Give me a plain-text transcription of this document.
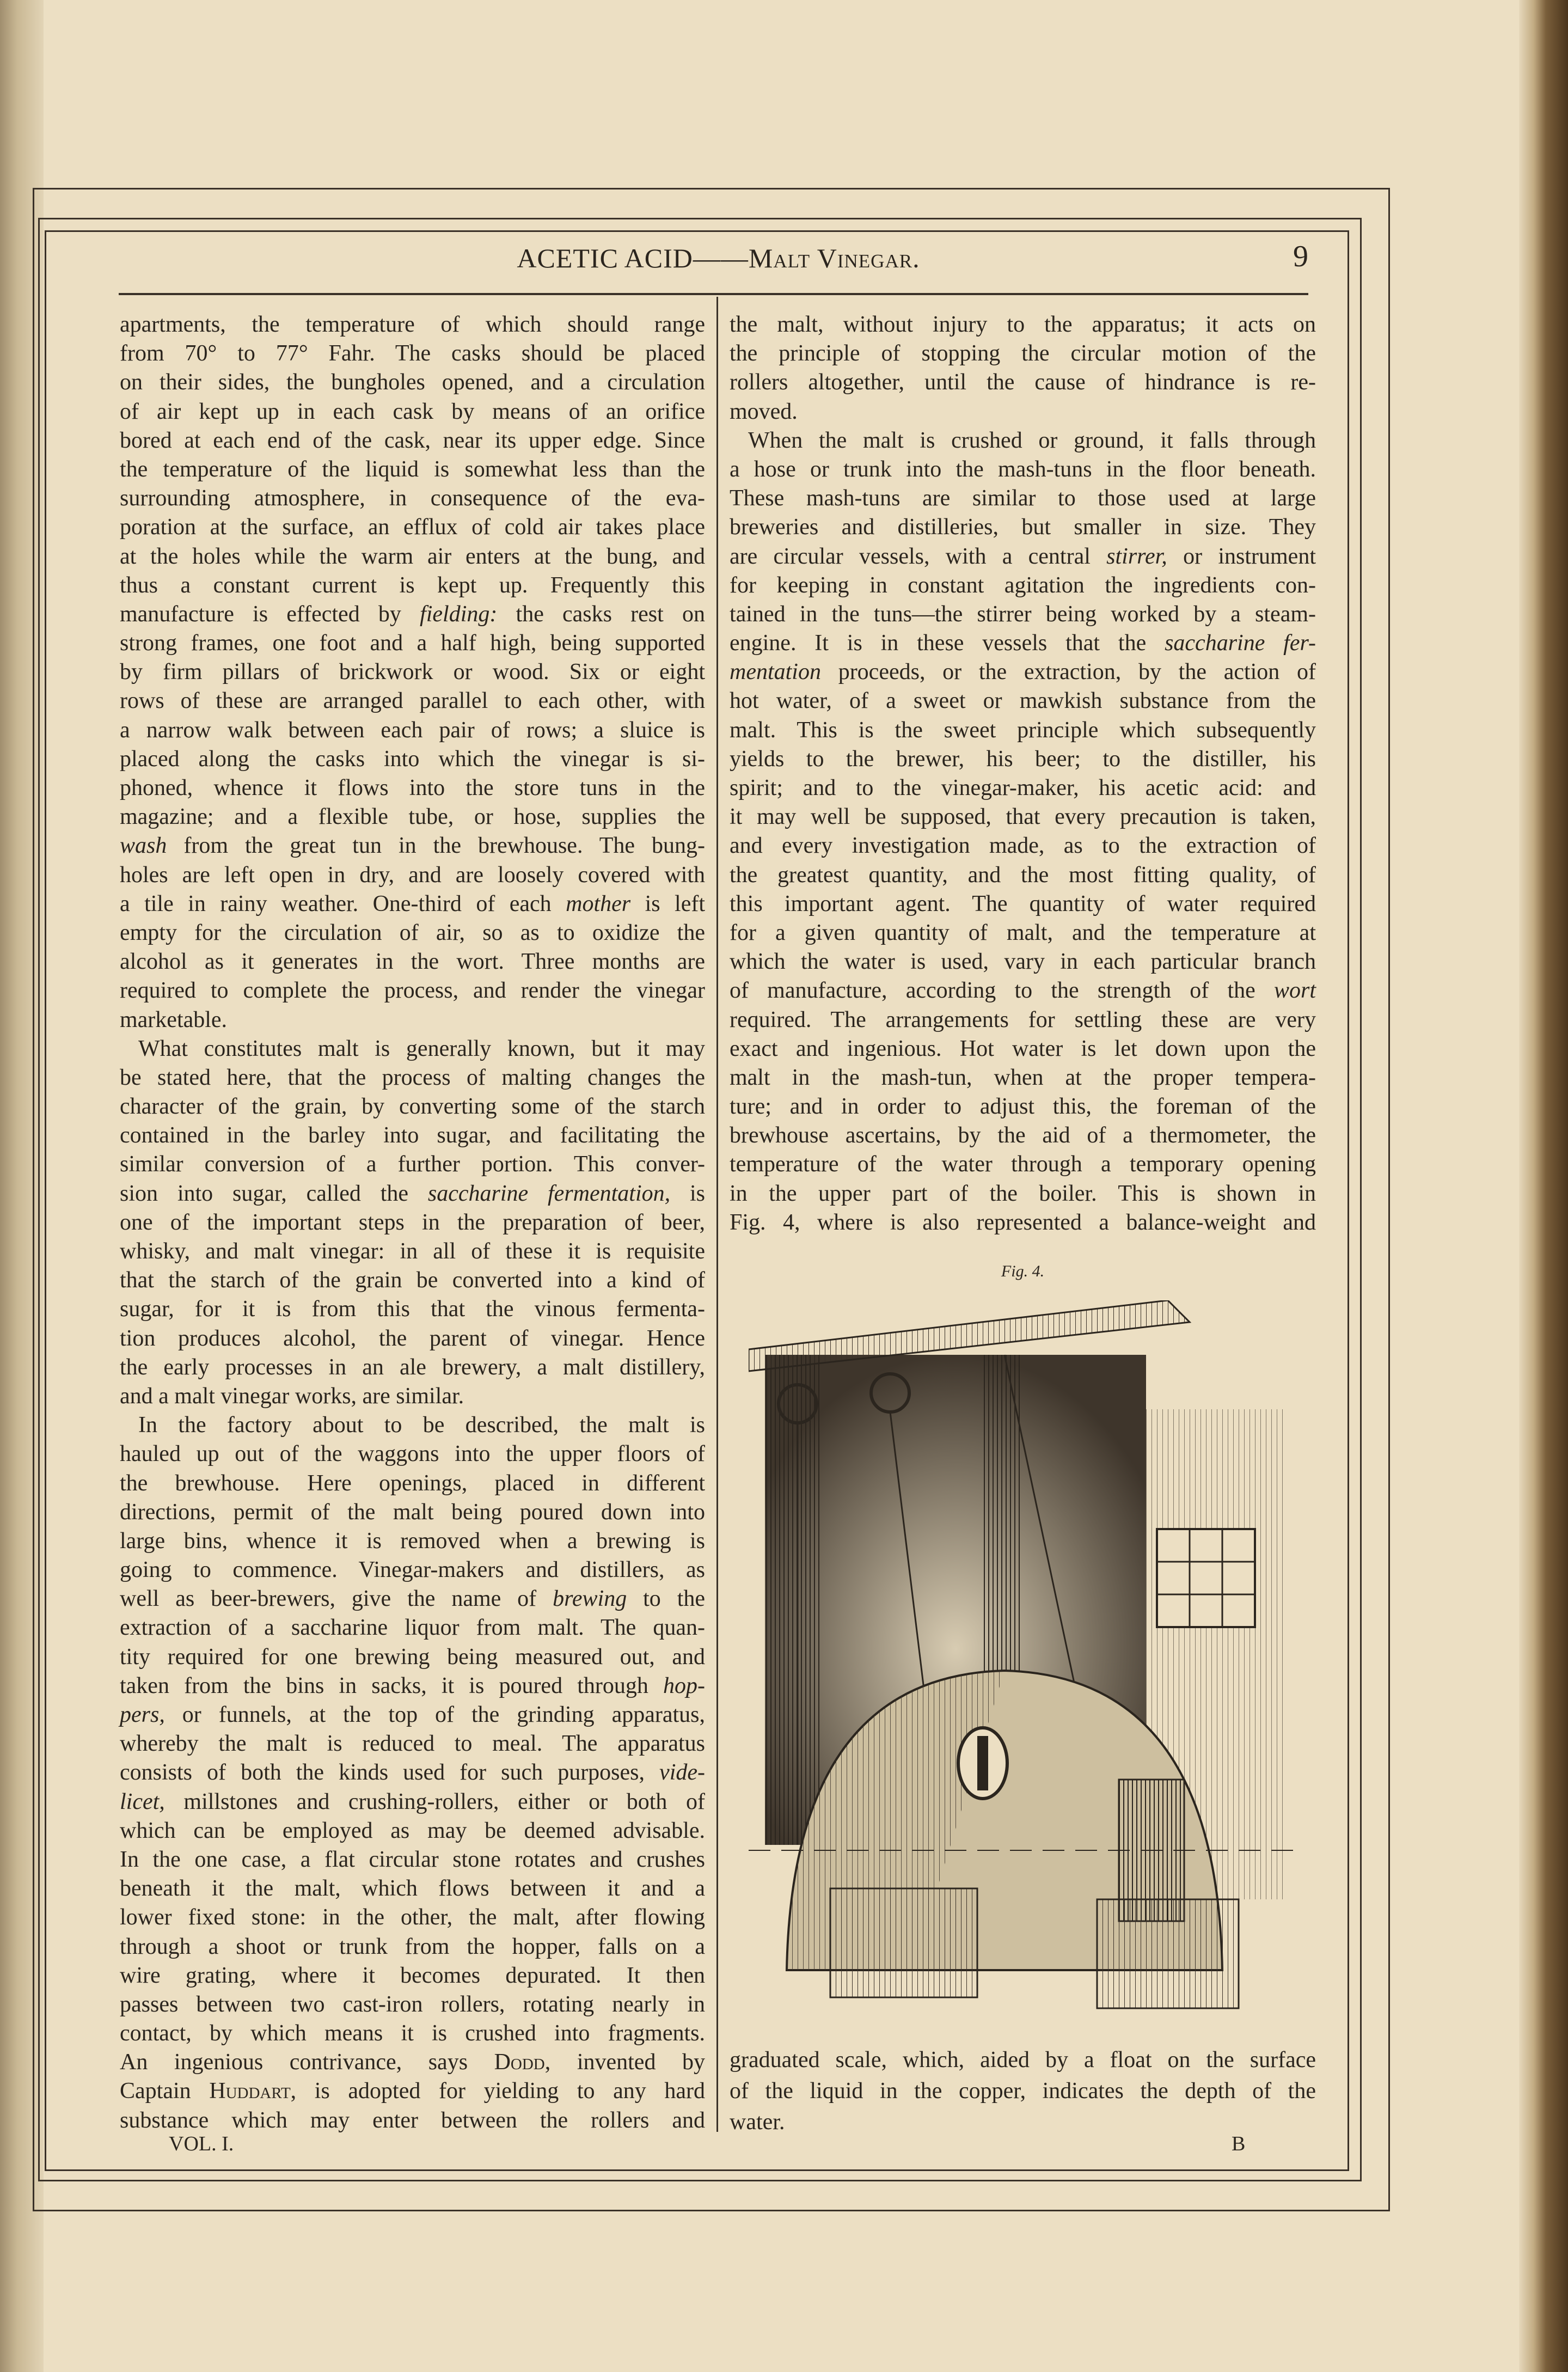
ACETIC ACID——Malt Vinegar.	9
apartments, the temperature of which should range
from 70° to 77° Fahr. The casks should be placed
on their sides, the bungholes opened, and a circulation
of air kept up in each cask by means of an orifice
bored at each end of the cask, near its upper edge. Since
the temperature of the liquid is somewhat less than the
surrounding atmosphere, in consequence of the eva-
poration at the surface, an efflux of cold air takes place
at the holes while the warm air enters at the bung, and
thus a constant current is kept up. Frequently this
manufacture is effected by fielding: the casks rest on
strong frames, one foot and a half high, being supported
by firm pillars of brickwork or wood. Six or eight
rows of these are arranged parallel to each other, with
a narrow walk between each pair of rows; a sluice is
placed along the casks into which the vinegar is si-
phoned, whence it flows into the store tuns in the
magazine; and a flexible tube, or hose, supplies the
wash from the great tun in the brewhouse. The bung-
holes are left open in dry, and are loosely covered with
a tile in rainy weather. One-third of each mother is left
empty for the circulation of air, so as to oxidize the
alcohol as it generates in the wort. Three months are
required to complete the process, and render the vinegar
marketable.
What constitutes malt is generally known, but it may
be stated here, that the process of malting changes the
character of the grain, by converting some of the starch
contained in the barley into sugar, and facilitating the
similar conversion of a further portion. This conver-
sion into sugar, called the saccharine fermentation, is
one of the important steps in the preparation of beer,
whisky, and malt vinegar: in all of these it is requisite
that the starch of the grain be converted into a kind of
sugar, for it is from this that the vinous fermenta-
tion produces alcohol, the parent of vinegar. Hence
the early processes in an ale brewery, a malt distillery,
and a malt vinegar works, are similar.
In the factory about to be described, the malt is
hauled up out of the waggons into the upper floors of
the brewhouse. Here openings, placed in different
directions, permit of the malt being poured down into
large bins, whence it is removed when a brewing is
going to commence. Vinegar-makers and distillers, as
well as beer-brewers, give the name of brewing to the
extraction of a saccharine liquor from malt. The quan-
tity required for one brewing being measured out, and
taken from the bins in sacks, it is poured through hop-
pers, or funnels, at the top of the grinding apparatus,
whereby the malt is reduced to meal. The apparatus
consists of both the kinds used for such purposes, vide-
licet, millstones and crushing-rollers, either or both of
which can be employed as may be deemed advisable.
In the one case, a flat circular stone rotates and crushes
beneath it the malt, which flows between it and a
lower fixed stone: in the other, the malt, after flowing
through a shoot or trunk from the hopper, falls on a
wire grating, where it becomes depurated. It then
passes between two cast-iron rollers, rotating nearly in
contact, by which means it is crushed into fragments.
An ingenious contrivance, says Dodd, invented by
Captain Huddart, is adopted for yielding to any hard
substance which may enter between the rollers and
the malt, without injury to the apparatus; it acts on
the principle of stopping the circular motion of the
rollers altogether, until the cause of hindrance is re-
moved.
When the malt is crushed or ground, it falls through
a hose or trunk into the mash-tuns in the floor beneath.
These mash-tuns are similar to those used at large
breweries and distilleries, but smaller in size. They
are circular vessels, with a central stirrer, or instrument
for keeping in constant agitation the ingredients con-
tained in the tuns—the stirrer being worked by a steam-
engine. It is in these vessels that the saccharine fer-
mentation proceeds, or the extraction, by the action of
hot water, of a sweet or mawkish substance from the
malt. This is the sweet principle which subsequently
yields to the brewer, his beer; to the distiller, his
spirit; and to the vinegar-maker, his acetic acid: and
it may well be supposed, that every precaution is taken,
and every investigation made, as to the extraction of
the greatest quantity, and the most fitting quality, of
this important agent. The quantity of water required
for a given quantity of malt, and the temperature at
which the water is used, vary in each particular branch
of manufacture, according to the strength of the wort
required. The arrangements for settling these are very
exact and ingenious. Hot water is let down upon the
malt in the mash-tun, when at the proper tempera-
ture; and in order to adjust this, the foreman of the
brewhouse ascertains, by the aid of a thermometer, the
temperature of the water through a temporary opening
in the upper part of the boiler. This is shown in
Fig. 4, where is also represented a balance-weight and
Fig. 4.
VOL. I.	B
graduated scale, which, aided by a float on the surface
of the liquid in the copper, indicates the depth of the
water.
